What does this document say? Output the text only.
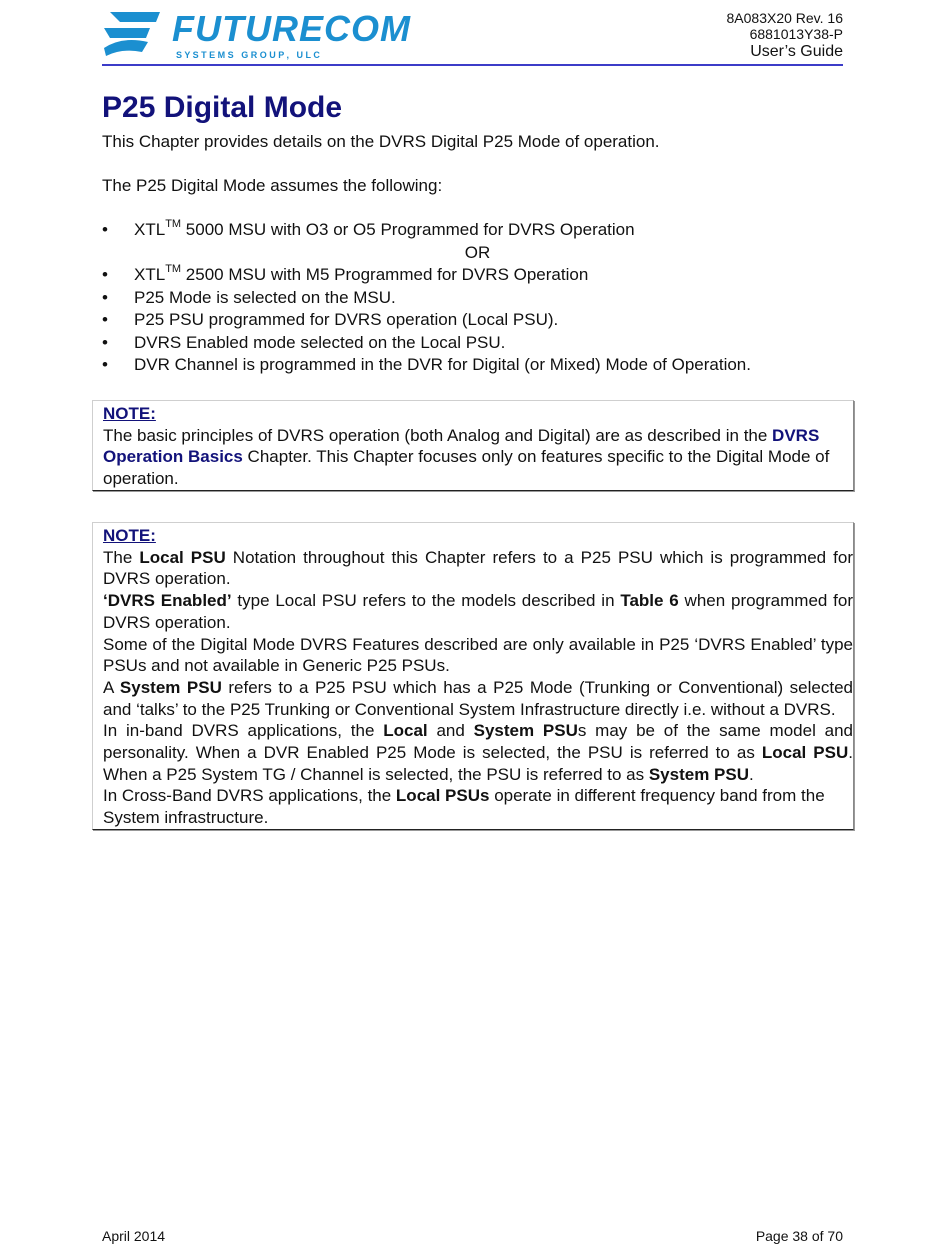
FUTURECOM
S Y S T E M S   G R O U P ,   U L C
8A083X20 Rev. 16
6881013Y38-P
User’s Guide
P25 Digital Mode

This Chapter provides details on the DVRS Digital P25 Mode of operation.

The P25 Digital Mode assumes the following:

• XTL™ 5000 MSU with O3 or O5 Programmed for DVRS Operation
OR
• XTL™ 2500 MSU with M5 Programmed for DVRS Operation
• P25 Mode is selected on the MSU.
• P25 PSU programmed for DVRS operation (Local PSU).
• DVRS Enabled mode selected on the Local PSU.
• DVR Channel is programmed in the DVR for Digital (or Mixed) Mode of Operation.
NOTE:
The basic principles of DVRS operation (both Analog and Digital) are as described in the DVRS Operation Basics Chapter. This Chapter focuses only on features specific to the Digital Mode of operation.
NOTE:
The Local PSU Notation throughout this Chapter refers to a P25 PSU which is programmed for DVRS operation.
‘DVRS Enabled’ type Local PSU refers to the models described in Table 6 when programmed for DVRS operation.
Some of the Digital Mode DVRS Features described are only available in P25 ‘DVRS Enabled’ type PSUs and not available in Generic P25 PSUs.
A System PSU refers to a P25 PSU which has a P25 Mode (Trunking or Conventional) selected and ‘talks’ to the P25 Trunking or Conventional System Infrastructure directly i.e. without a DVRS.
In in-band DVRS applications, the Local and System PSUs may be of the same model and personality. When a DVR Enabled P25 Mode is selected, the PSU is referred to as Local PSU. When a P25 System TG / Channel is selected, the PSU is referred to as System PSU.
In Cross-Band DVRS applications, the Local PSUs operate in different frequency band from the System infrastructure.
April 2014	Page 38 of 70
